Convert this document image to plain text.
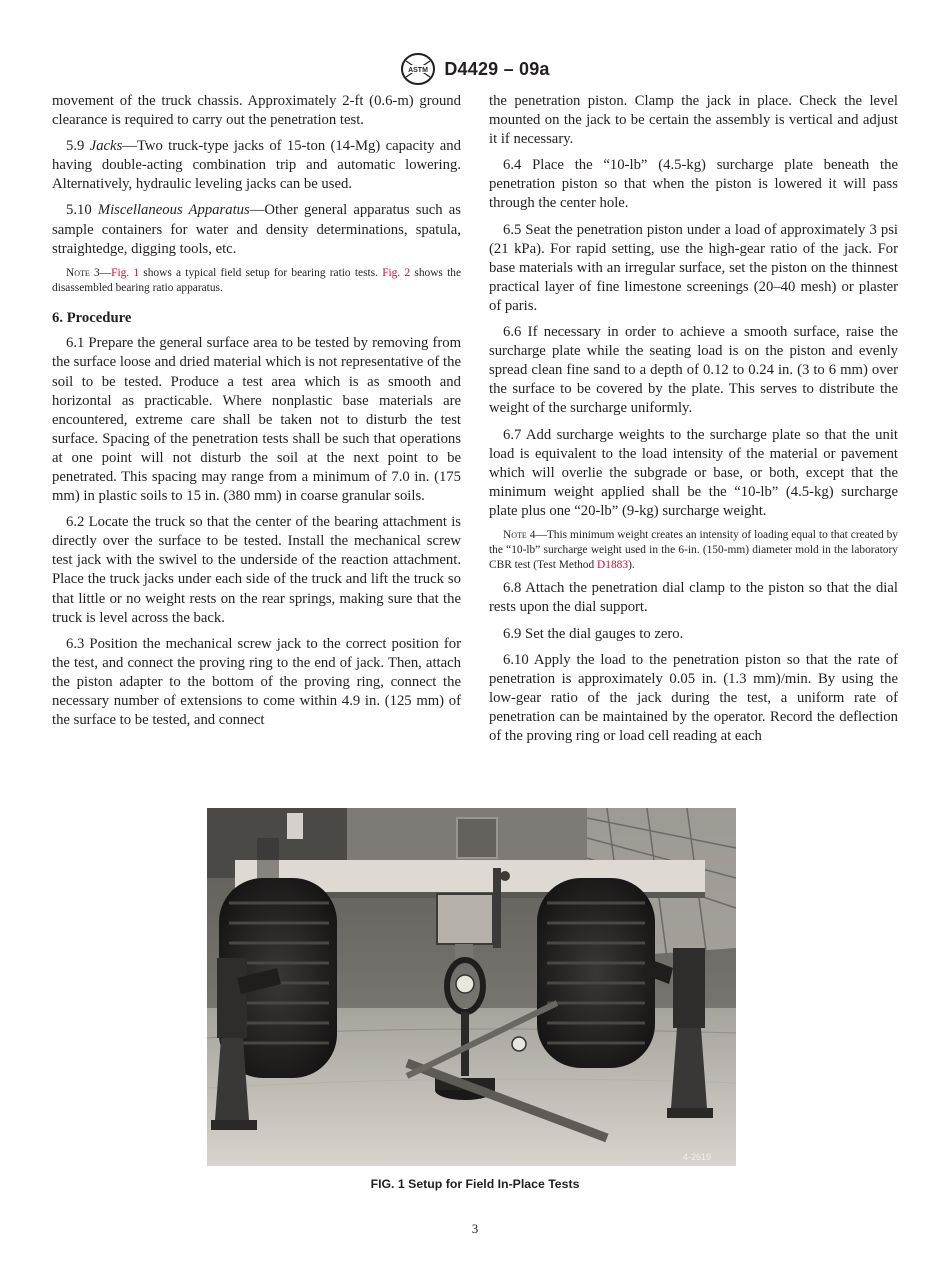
ASTM D4429 – 09a

movement of the truck chassis. Approximately 2-ft (0.6-m) ground clearance is required to carry out the penetration test.

5.9 Jacks—Two truck-type jacks of 15-ton (14-Mg) capacity and having double-acting combination trip and automatic lowering. Alternatively, hydraulic leveling jacks can be used.

5.10 Miscellaneous Apparatus—Other general apparatus such as sample containers for water and density determinations, spatula, straightedge, digging tools, etc.

Note 3—Fig. 1 shows a typical field setup for bearing ratio tests. Fig. 2 shows the disassembled bearing ratio apparatus.

6. Procedure

6.1 Prepare the general surface area to be tested by removing from the surface loose and dried material which is not representative of the soil to be tested. Produce a test area which is as smooth and horizontal as practicable. Where nonplastic base materials are encountered, extreme care shall be taken not to disturb the test surface. Spacing of the penetration tests shall be such that operations at one point will not disturb the soil at the next point to be penetrated. This spacing may range from a minimum of 7.0 in. (175 mm) in plastic soils to 15 in. (380 mm) in coarse granular soils.

6.2 Locate the truck so that the center of the bearing attachment is directly over the surface to be tested. Install the mechanical screw test jack with the swivel to the underside of the reaction attachment. Place the truck jacks under each side of the truck and lift the truck so that little or no weight rests on the rear springs, making sure that the truck is level across the back.

6.3 Position the mechanical screw jack to the correct position for the test, and connect the proving ring to the end of jack. Then, attach the piston adapter to the bottom of the proving ring, connect the necessary number of extensions to come within 4.9 in. (125 mm) of the surface to be tested, and connect

the penetration piston. Clamp the jack in place. Check the level mounted on the jack to be certain the assembly is vertical and adjust it if necessary.

6.4 Place the “10-lb” (4.5-kg) surcharge plate beneath the penetration piston so that when the piston is lowered it will pass through the center hole.

6.5 Seat the penetration piston under a load of approximately 3 psi (21 kPa). For rapid setting, use the high-gear ratio of the jack. For base materials with an irregular surface, set the piston on the thinnest practical layer of fine limestone screenings (20–40 mesh) or plaster of paris.

6.6 If necessary in order to achieve a smooth surface, raise the surcharge plate while the seating load is on the piston and evenly spread clean fine sand to a depth of 0.12 to 0.24 in. (3 to 6 mm) over the surface to be covered by the plate. This serves to distribute the weight of the surcharge uniformly.

6.7 Add surcharge weights to the surcharge plate so that the unit load is equivalent to the load intensity of the material or pavement which will overlie the subgrade or base, or both, except that the minimum weight applied shall be the “10-lb” (4.5-kg) surcharge plate plus one “20-lb” (9-kg) surcharge weight.

Note 4—This minimum weight creates an intensity of loading equal to that created by the “10-lb” surcharge weight used in the 6-in. (150-mm) diameter mold in the laboratory CBR test (Test Method D1883).

6.8 Attach the penetration dial clamp to the piston so that the dial rests upon the dial support.

6.9 Set the dial gauges to zero.

6.10 Apply the load to the penetration piston so that the rate of penetration is approximately 0.05 in. (1.3 mm)/min. By using the low-gear ratio of the jack during the test, a uniform rate of penetration can be maintained by the operator. Record the deflection of the proving ring or load cell reading at each

4-2619
FIG. 1 Setup for Field In-Place Tests
3
